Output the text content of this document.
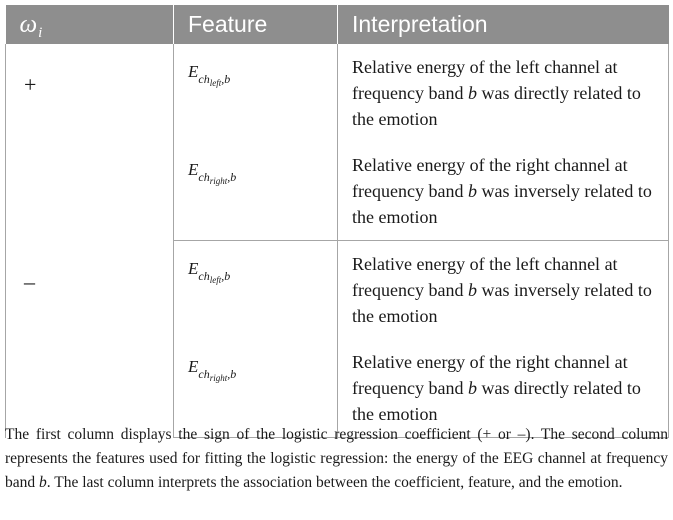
$\omega_i$	Feature	Interpretation
+	$E_{chleft,b}$	Relative energy of the left channel at frequency band b was directly related to the emotion
	$E_{chright,b}$	Relative energy of the right channel at frequency band b was inversely related to the emotion
–	$E_{chleft,b}$	Relative energy of the left channel at frequency band b was inversely related to the emotion
	$E_{chright,b}$	Relative energy of the right channel at frequency band b was directly related to the emotion
The first column displays the sign of the logistic regression coefficient (+ or –). The second column represents the features used for fitting the logistic regression: the energy of the EEG channel at frequency band b. The last column interprets the association between the coefficient, feature, and the emotion.
